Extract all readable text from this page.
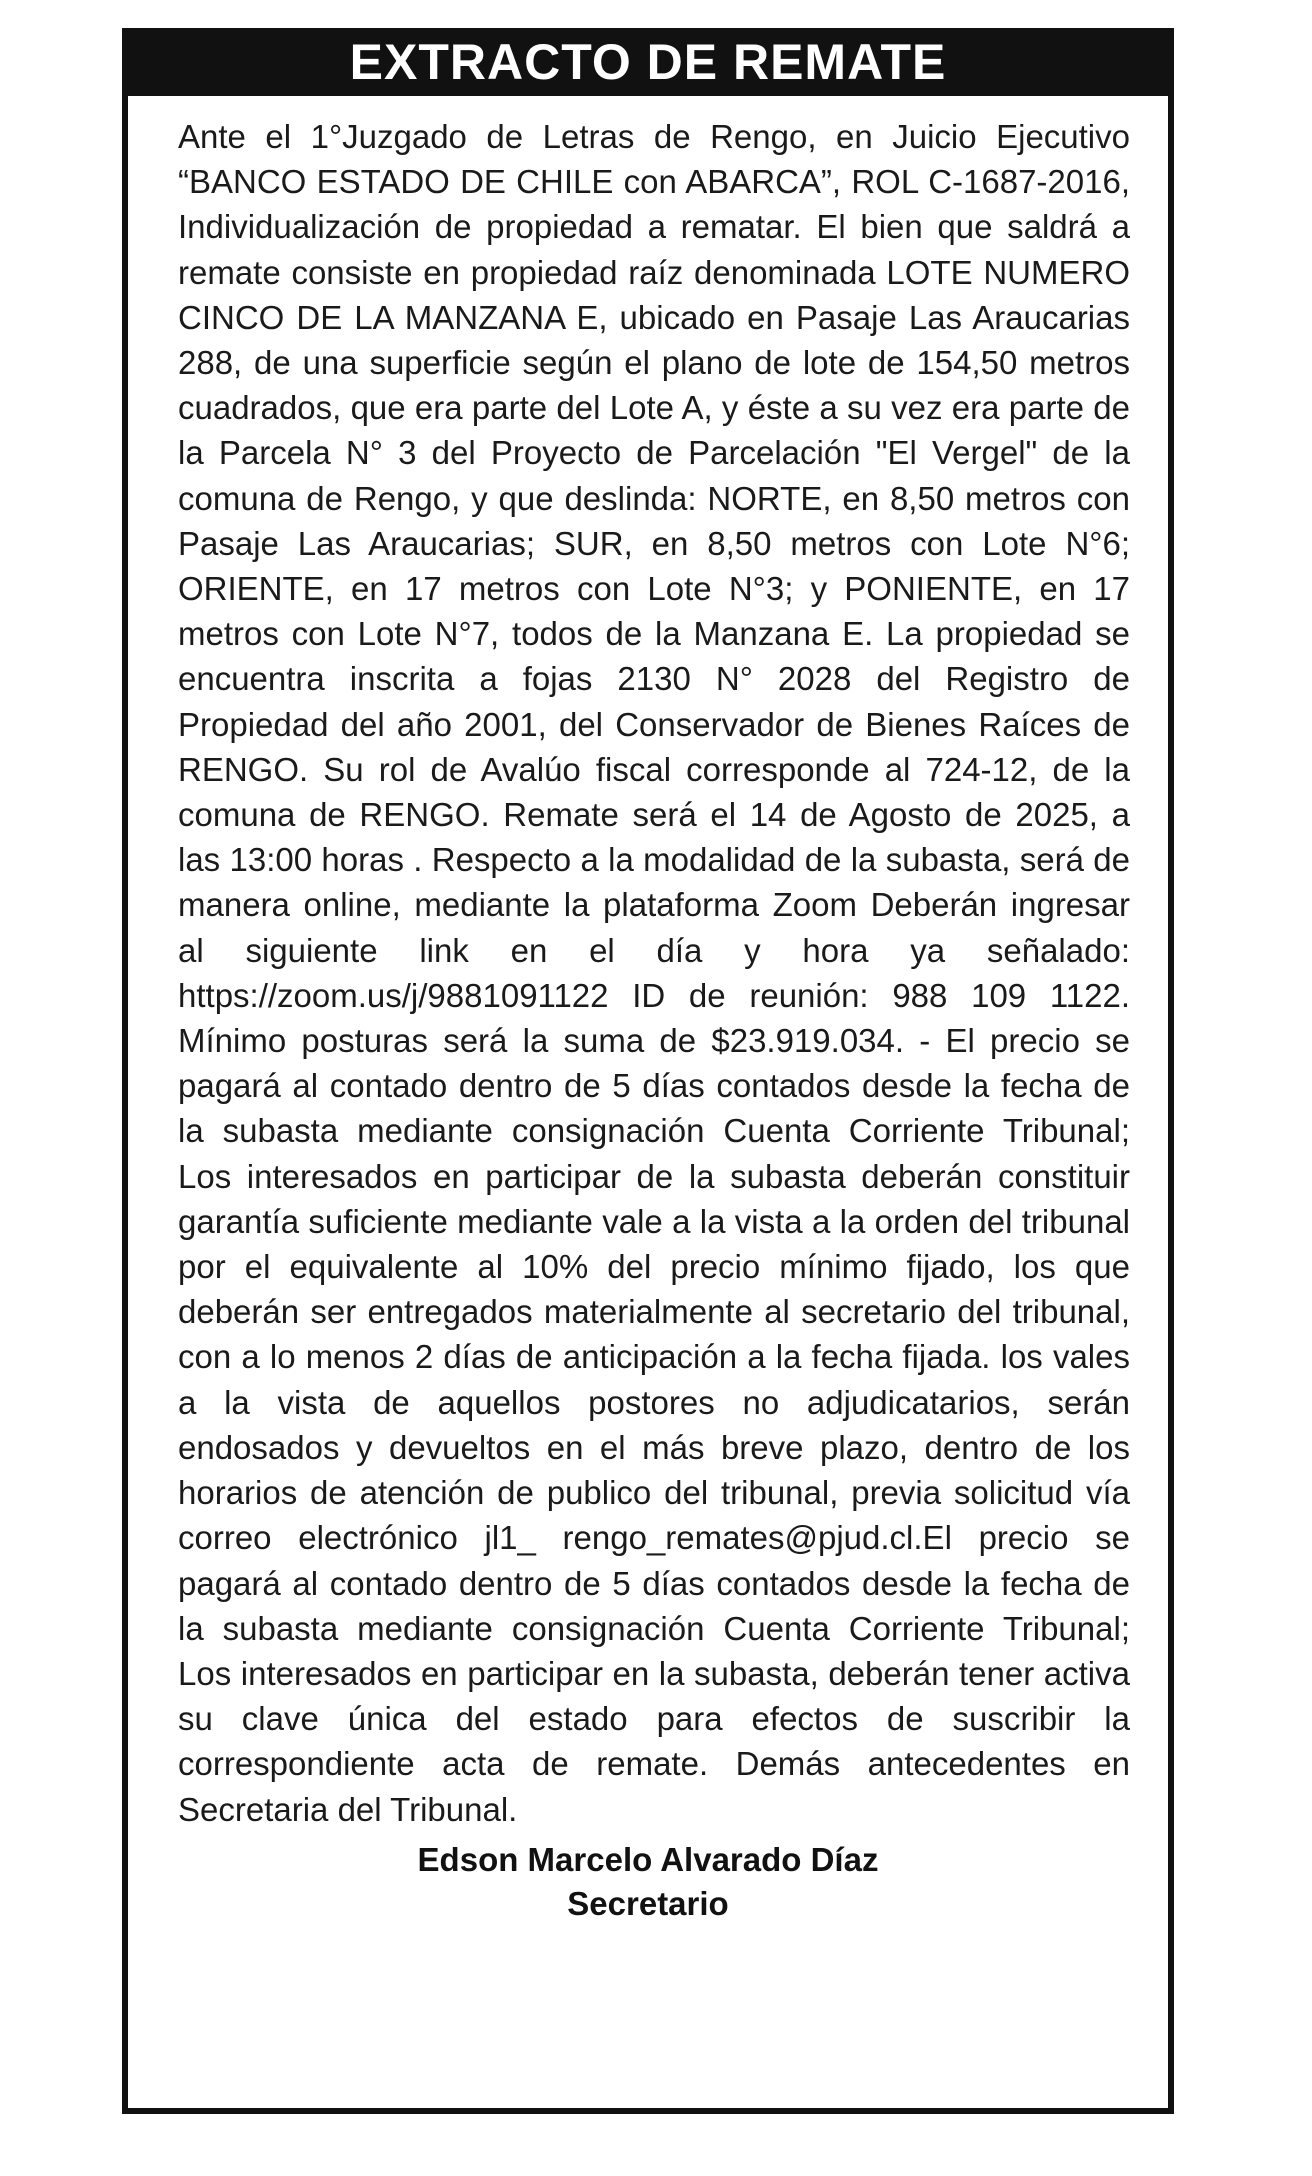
EXTRACTO DE REMATE
Ante el 1°Juzgado de Letras de Rengo, en Juicio Ejecutivo “BANCO ESTADO DE CHILE con ABARCA”, ROL C-1687-2016, Individualización de propiedad a rematar. El bien que saldrá a remate consiste en propiedad raíz denominada LOTE NUMERO CINCO DE LA MANZANA E, ubicado en Pasaje Las Araucarias 288, de una superficie según el plano de lote de 154,50 metros cuadrados, que era parte del Lote A, y éste a su vez era parte de la Parcela N° 3 del Proyecto de Parcelación "El Vergel" de la comuna de Rengo, y que deslinda: NORTE, en 8,50 metros con Pasaje Las Araucarias; SUR, en 8,50 metros con Lote N°6; ORIENTE, en 17 metros con Lote N°3; y PONIENTE, en 17 metros con Lote N°7, todos de la Manzana E. La propiedad se encuentra inscrita a fojas 2130 N° 2028 del Registro de Propiedad del año 2001, del Conservador de Bienes Raíces de RENGO. Su rol de Avalúo fiscal corresponde al 724-12, de la comuna de RENGO. Remate será el 14 de Agosto de 2025, a las 13:00 horas . Respecto a la modalidad de la subasta, será de manera online, mediante la plataforma Zoom Deberán ingresar al siguiente link en el día y hora ya señalado: https://zoom.us/j/9881091122 ID de reunión: 988 109 1122. Mínimo posturas será la suma de $23.919.034. - El precio se pagará al contado dentro de 5 días contados desde la fecha de la subasta mediante consignación Cuenta Corriente Tribunal; Los interesados en participar de la subasta deberán constituir garantía suficiente mediante vale a la vista a la orden del tribunal por el equivalente al 10% del precio mínimo fijado, los que deberán ser entregados materialmente al secretario del tribunal, con a lo menos 2 días de anticipación a la fecha fijada. los vales a la vista de aquellos postores no adjudicatarios, serán endosados y devueltos en el más breve plazo, dentro de los horarios de atención de publico del tribunal, previa solicitud vía correo electrónico jl1_ rengo_remates@pjud.cl.El precio se pagará al contado dentro de 5 días contados desde la fecha de la subasta mediante consignación Cuenta Corriente Tribunal; Los interesados en participar en la subasta, deberán tener activa su clave única del estado para efectos de suscribir la correspondiente acta de remate. Demás antecedentes en Secretaria del Tribunal.
Edson Marcelo Alvarado Díaz
Secretario
